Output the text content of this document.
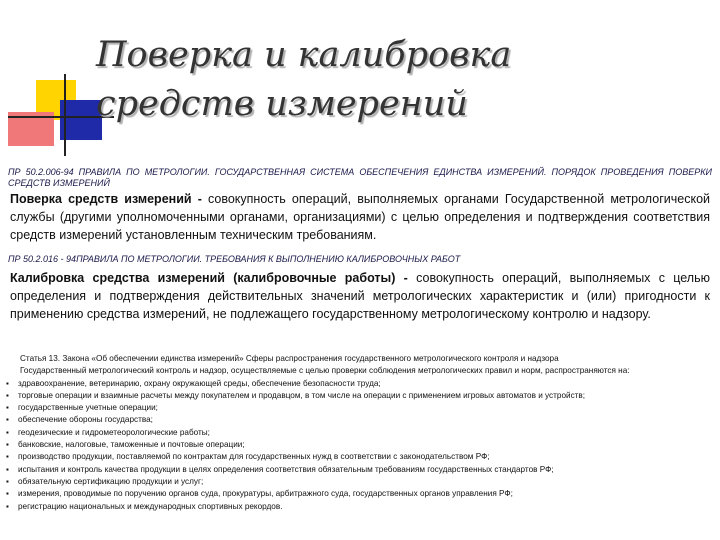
Поверка и калибровка
средств измерений
ПР 50.2.006-94 ПРАВИЛА ПО МЕТРОЛОГИИ. ГОСУДАРСТВЕННАЯ СИСТЕМА ОБЕСПЕЧЕНИЯ ЕДИНСТВА ИЗМЕРЕНИЙ. ПОРЯДОК ПРОВЕДЕНИЯ ПОВЕРКИ СРЕДСТВ ИЗМЕРЕНИЙ
Поверка средств измерений - совокупность операций, выполняемых органами Государственной метрологической службы (другими уполномоченными органами, организациями) с целью определения и подтверждения соответствия средств измерений установленным техническим требованиям.
ПР 50.2.016 - 94ПРАВИЛА ПО МЕТРОЛОГИИ. ТРЕБОВАНИЯ К ВЫПОЛНЕНИЮ КАЛИБРОВОЧНЫХ РАБОТ
Калибровка средства измерений (калибровочные работы) - совокупность операций, выполняемых с целью определения и подтверждения действительных значений метрологических характеристик и (или) пригодности к применению средства измерений, не подлежащего государственному метрологическому контролю и надзору.
Статья 13. Закона «Об обеспечении единства измерений» Сферы распространения государственного метрологического контроля и надзора
Государственный метрологический контроль и надзор, осуществляемые с целью проверки соблюдения метрологических правил и норм, распространяются на:
▪ здравоохранение, ветеринарию, охрану окружающей среды, обеспечение безопасности труда;
▪ торговые операции и взаимные расчеты между покупателем и продавцом, в том числе на операции с применением игровых автоматов и устройств;
▪ государственные учетные операции;
▪ обеспечение обороны государства;
▪ геодезические и гидрометеорологические работы;
▪ банковские, налоговые, таможенные и почтовые операции;
▪ производство продукции, поставляемой по контрактам для государственных нужд в соответствии с законодательством РФ;
▪ испытания и контроль качества продукции в целях определения соответствия обязательным требованиям государственных стандартов РФ;
▪ обязательную сертификацию продукции и услуг;
▪ измерения, проводимые по поручению органов суда, прокуратуры, арбитражного суда, государственных органов управления РФ;
▪ регистрацию национальных и международных спортивных рекордов.
